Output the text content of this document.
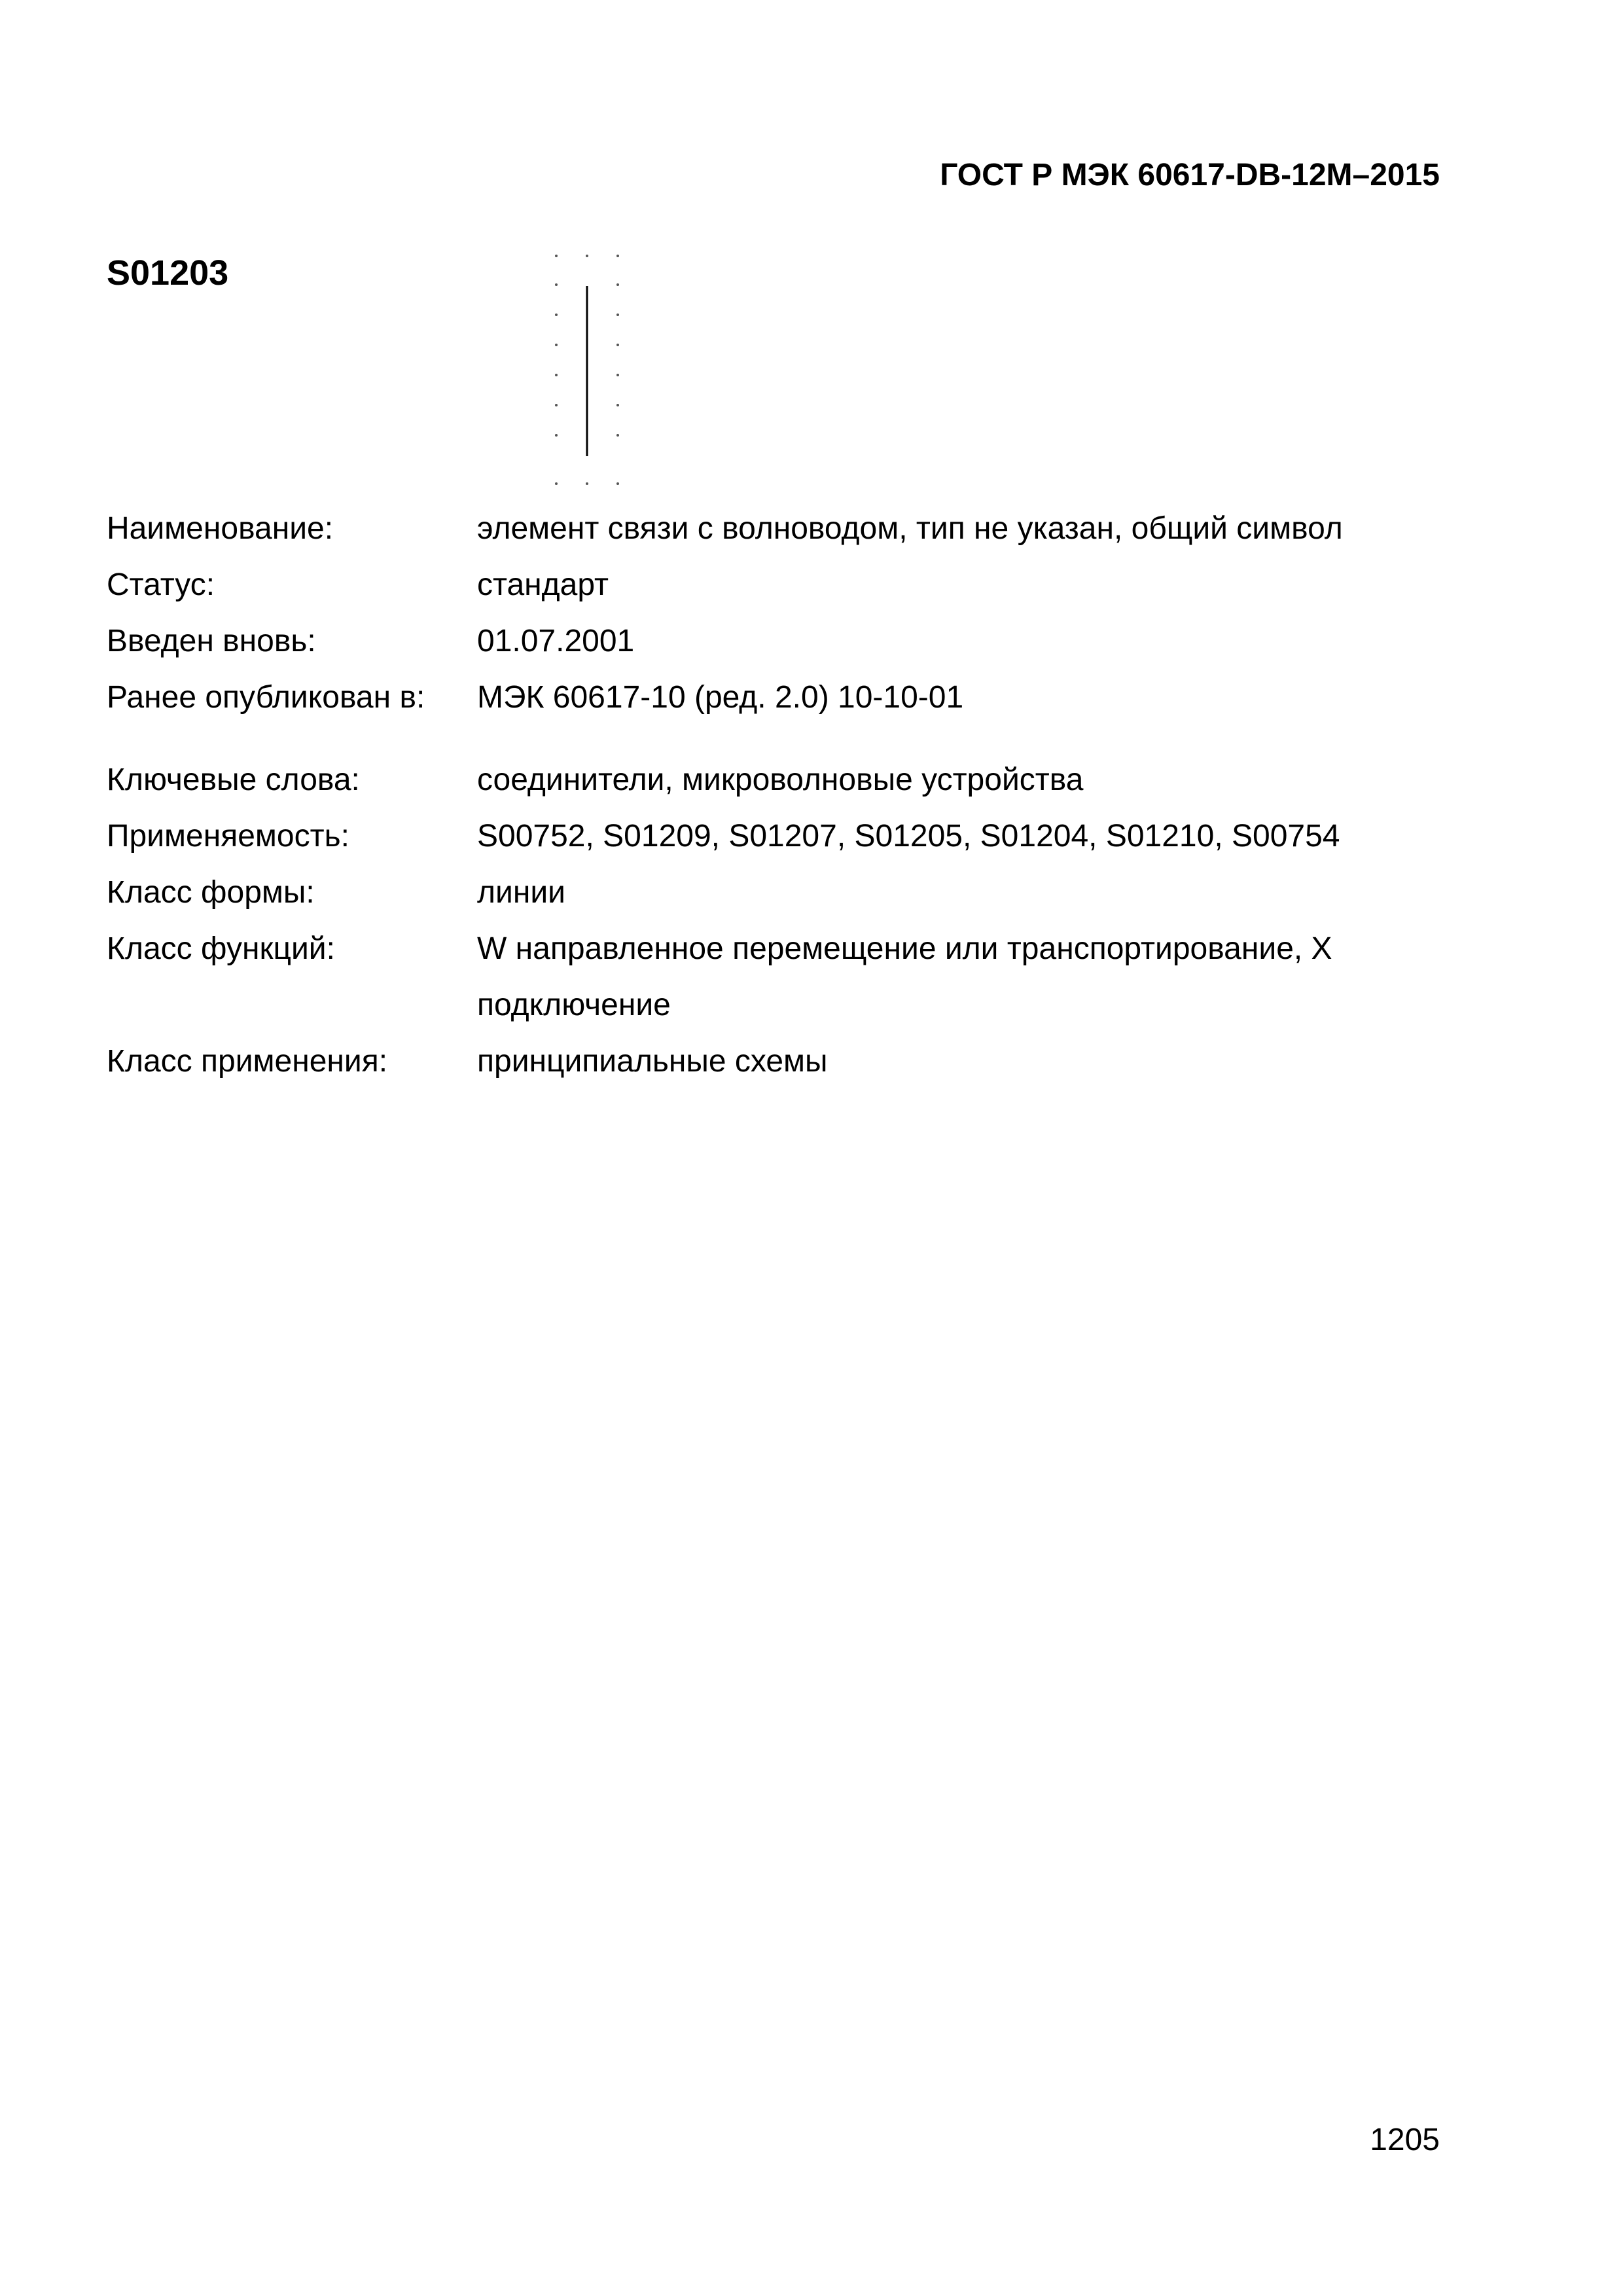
ГОСТ Р МЭК 60617-DB-12M–2015
S01203
Наименование:	элемент связи с волноводом, тип не указан, общий символ
Статус:	стандарт
Введен вновь:	01.07.2001
Ранее опубликован в:	МЭК 60617-10 (ред. 2.0) 10-10-01
Ключевые слова:	соединители, микроволновые устройства
Применяемость:	S00752, S01209, S01207, S01205, S01204, S01210, S00754
Класс формы:	линии
Класс функций:	W направленное перемещение или транспортирование, X подключение
Класс применения:	принципиальные схемы
1205
